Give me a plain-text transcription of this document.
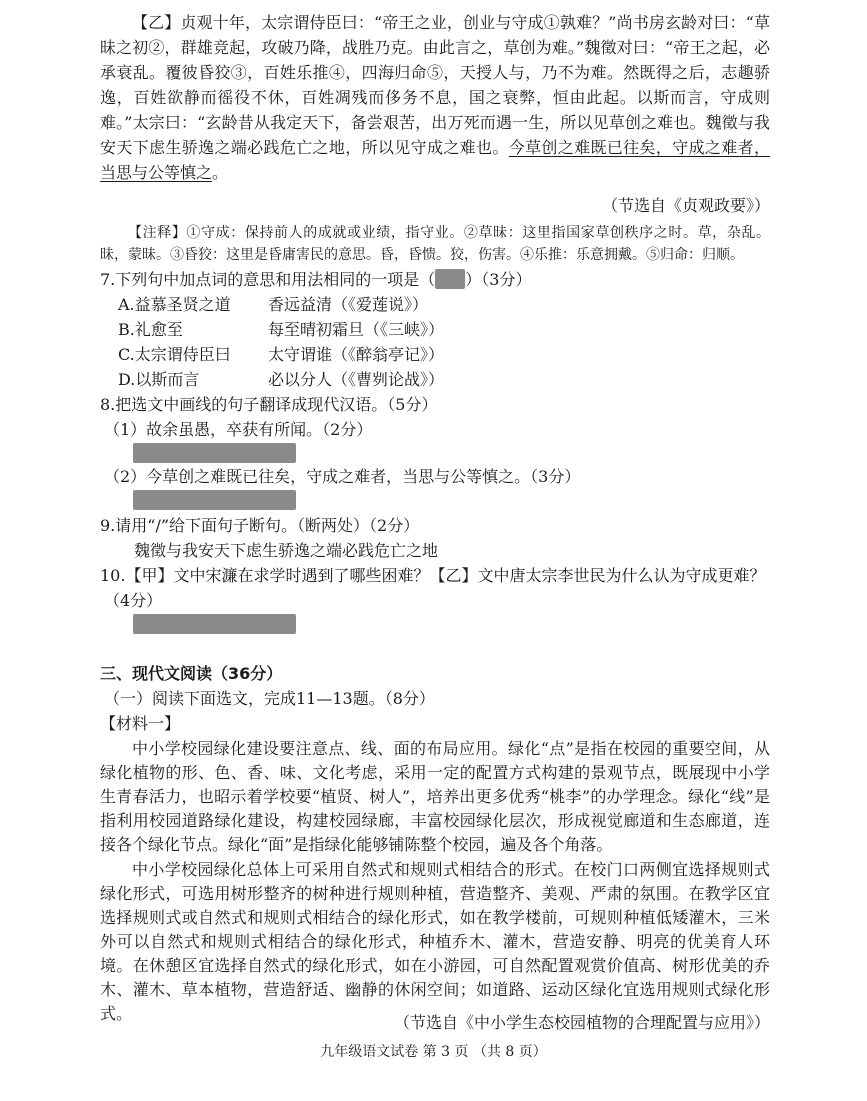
【乙】贞观十年，太宗谓侍臣曰：“帝王之业，创业与守成①孰难？”尚书房玄龄对曰：“草昧之初②，群雄竞起，攻破乃降，战胜乃克。由此言之，草创为难。”魏徵对曰：“帝王之起，必承衰乱。覆彼昏狡③，百姓乐推④，四海归命⑤，天授人与，乃不为难。然既得之后，志趣骄逸，百姓欲静而徭役不休，百姓凋残而侈务不息，国之衰弊，恒由此起。以斯而言，守成则难。”太宗曰：“玄龄昔从我定天下，备尝艰苦，出万死而遇一生，所以见草创之难也。魏徵与我安天下虑生骄逸之端必践危亡之地，所以见守成之难也。今草创之难既已往矣，守成之难者，当思与公等慎之。

（节选自《贞观政要》）

【注释】①守成：保持前人的成就或业绩，指守业。②草昧：这里指国家草创秩序之时。草，杂乱。昧，蒙昧。③昏狡：这里是昏庸害民的意思。昏，昏愦。狡，伤害。④乐推：乐意拥戴。⑤归命：归顺。

7.下列句中加点词的意思和用法相同的一项是（ ）（3分）
A.益慕圣贤之道 香远益清（《爱莲说》）
B.礼愈至	每至晴初霜旦（《三峡》）
C.太宗谓侍臣曰 太守谓谁（《醉翁亭记》）
D.以斯而言	必以分人（《曹刿论战》）
8.把选文中画线的句子翻译成现代汉语。（5分）
（1）故余虽愚，卒获有所闻。（2分）
（2）今草创之难既已往矣，守成之难者，当思与公等慎之。（3分）
9.请用“/”给下面句子断句。（断两处）（2分）
魏徵与我安天下虑生骄逸之端必践危亡之地
10.【甲】文中宋濂在求学时遇到了哪些困难？【乙】文中唐太宗李世民为什么认为守成更难？
（4分）
三、现代文阅读（36分）
（一）阅读下面选文，完成11—13题。（8分）
【材料一】

中小学校园绿化建设要注意点、线、面的布局应用。绿化“点”是指在校园的重要空间，从绿化植物的形、色、香、味、文化考虑，采用一定的配置方式构建的景观节点，既展现中小学生青春活力，也昭示着学校要“植贤、树人”，培养出更多优秀“桃李”的办学理念。绿化“线”是指利用校园道路绿化建设，构建校园绿廊，丰富校园绿化层次，形成视觉廊道和生态廊道，连接各个绿化节点。绿化“面”是指绿化能够铺陈整个校园，遍及各个角落。

中小学校园绿化总体上可采用自然式和规则式相结合的形式。在校门口两侧宜选择规则式绿化形式，可选用树形整齐的树种进行规则种植，营造整齐、美观、严肃的氛围。在教学区宜选择规则式或自然式和规则式相结合的绿化形式，如在教学楼前，可规则种植低矮灌木，三米外可以自然式和规则式相结合的绿化形式，种植乔木、灌木，营造安静、明亮的优美育人环境。在休憩区宜选择自然式的绿化形式，如在小游园，可自然配置观赏价值高、树形优美的乔木、灌木、草本植物，营造舒适、幽静的休闲空间；如道路、运动区绿化宜选用规则式绿化形式。	（节选自《中小学生态校园植物的合理配置与应用》）

九年级语文试卷 第 3 页 （共 8 页）
